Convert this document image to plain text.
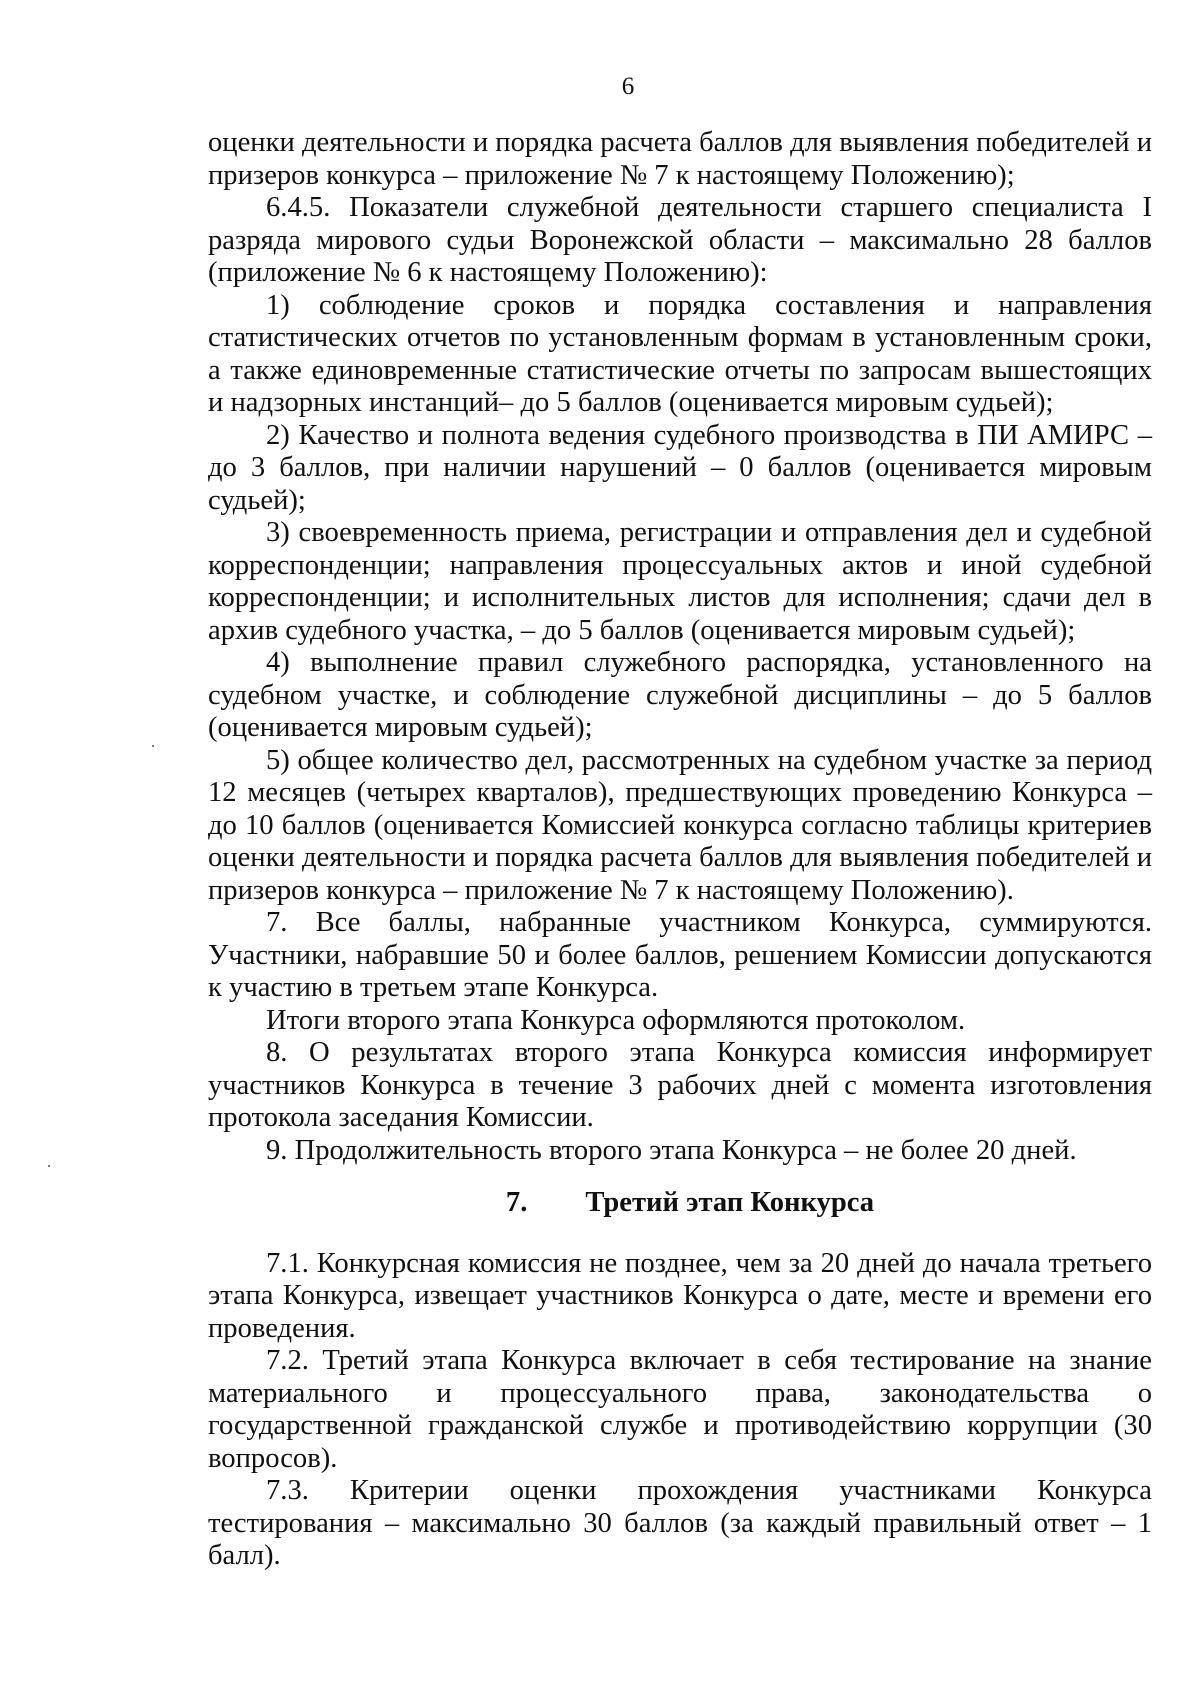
6

оценки деятельности и порядка расчета баллов для выявления победителей и призеров конкурса – приложение № 7 к настоящему Положению);

6.4.5. Показатели служебной деятельности старшего специалиста I разряда мирового судьи Воронежской области – максимально 28 баллов (приложение № 6 к настоящему Положению):

1) соблюдение сроков и порядка составления и направления статистических отчетов по установленным формам в установленным сроки, а также единовременные статистические отчеты по запросам вышестоящих и надзорных инстанций– до 5 баллов (оценивается мировым судьей);

2) Качество и полнота ведения судебного производства в ПИ АМИРС – до 3 баллов, при наличии нарушений – 0 баллов (оценивается мировым судьей);

3) своевременность приема, регистрации и отправления дел и судебной корреспонденции; направления процессуальных актов и иной судебной корреспонденции; и исполнительных листов для исполнения; сдачи дел в архив судебного участка, – до 5 баллов (оценивается мировым судьей);

4) выполнение правил служебного распорядка, установленного на судебном участке, и соблюдение служебной дисциплины – до 5 баллов (оценивается мировым судьей);

5) общее количество дел, рассмотренных на судебном участке за период 12 месяцев (четырех кварталов), предшествующих проведению Конкурса – до 10 баллов (оценивается Комиссией конкурса согласно таблицы критериев оценки деятельности и порядка расчета баллов для выявления победителей и призеров конкурса – приложение № 7 к настоящему Положению).

7. Все баллы, набранные участником Конкурса, суммируются. Участники, набравшие 50 и более баллов, решением Комиссии допускаются к участию в третьем этапе Конкурса.

Итоги второго этапа Конкурса оформляются протоколом.

8. О результатах второго этапа Конкурса комиссия информирует участников Конкурса в течение 3 рабочих дней с момента изготовления протокола заседания Комиссии.

9. Продолжительность второго этапа Конкурса – не более 20 дней.

7. Третий этап Конкурса

7.1. Конкурсная комиссия не позднее, чем за 20 дней до начала третьего этапа Конкурса, извещает участников Конкурса о дате, месте и времени его проведения.

7.2. Третий этапа Конкурса включает в себя тестирование на знание материального и процессуального права, законодательства о государственной гражданской службе и противодействию коррупции (30 вопросов).

7.3. Критерии оценки прохождения участниками Конкурса тестирования – максимально 30 баллов (за каждый правильный ответ – 1 балл).
